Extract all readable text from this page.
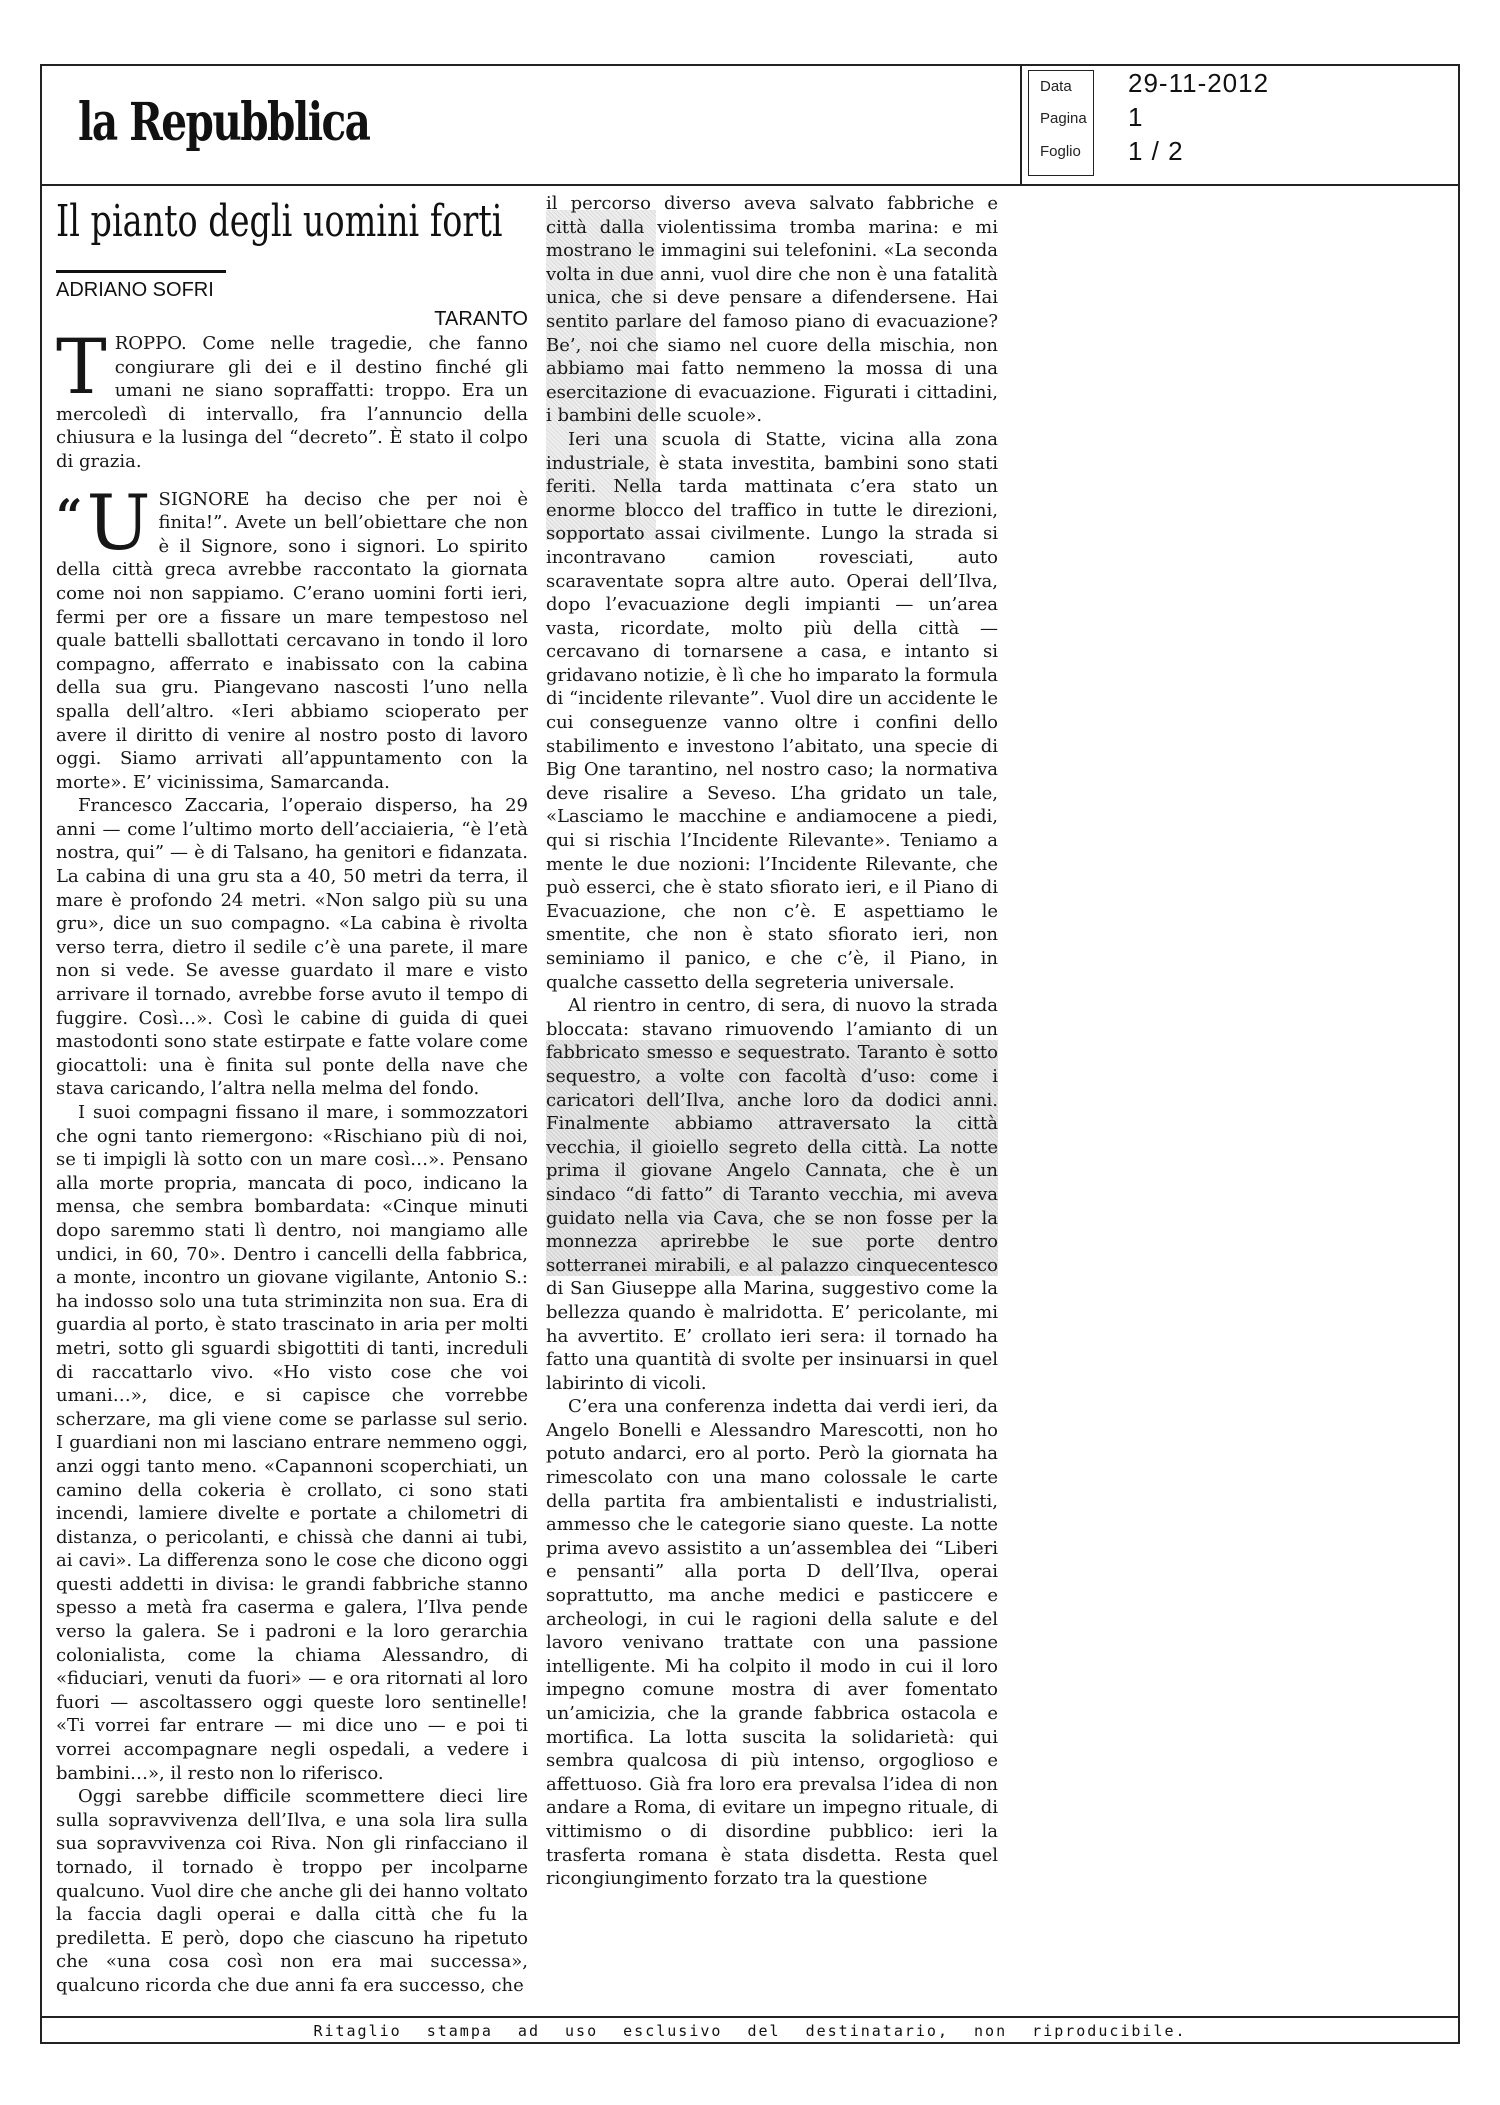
la Repubblica
Data
Pagina
Foglio
29-11-2012
1
1 / 2
Il pianto degli uomini forti
ADRIANO SOFRI
TARANTO

TROPPO. Come nelle tragedie, che fanno congiurare gli dei e il destino finché gli umani ne siano sopraffatti: troppo. Era un mercoledì di intervallo, fra l’annuncio della chiusura e la lusinga del “decreto”. È stato il colpo di grazia.

“ U SIGNORE ha deciso che per noi è finita!”. Avete un bell’obiettare che non è il Signore, sono i signori. Lo spirito della città greca avrebbe raccontato la giornata come noi non sappiamo. C’erano uomini forti ieri, fermi per ore a fissare un mare tempestoso nel quale battelli sballottati cercavano in tondo il loro compagno, afferrato e inabissato con la cabina della sua gru. Piangevano nascosti l’uno nella spalla dell’altro. «Ieri abbiamo scioperato per avere il diritto di venire al nostro posto di lavoro oggi. Siamo arrivati all’appuntamento con la morte». E’ vicinissima, Samarcanda.

Francesco Zaccaria, l’operaio disperso, ha 29 anni — come l’ultimo morto dell’acciaieria, “è l’età nostra, qui” — è di Talsano, ha genitori e fidanzata. La cabina di una gru sta a 40, 50 metri da terra, il mare è profondo 24 metri. «Non salgo più su una gru», dice un suo compagno. «La cabina è rivolta verso terra, dietro il sedile c’è una parete, il mare non si vede. Se avesse guardato il mare e visto arrivare il tornado, avrebbe forse avuto il tempo di fuggire. Così…». Così le cabine di guida di quei mastodonti sono state estirpate e fatte volare come giocattoli: una è finita sul ponte della nave che stava caricando, l’altra nella melma del fondo.

I suoi compagni fissano il mare, i sommozzatori che ogni tanto riemergono: «Rischiano più di noi, se ti impigli là sotto con un mare così…». Pensano alla morte propria, mancata di poco, indicano la mensa, che sembra bombardata: «Cinque minuti dopo saremmo stati lì dentro, noi mangiamo alle undici, in 60, 70». Dentro i cancelli della fabbrica, a monte, incontro un giovane vigilante, Antonio S.: ha indosso solo una tuta striminzita non sua. Era di guardia al porto, è stato trascinato in aria per molti metri, sotto gli sguardi sbigottiti di tanti, increduli di raccattarlo vivo. «Ho visto cose che voi umani…», dice, e si capisce che vorrebbe scherzare, ma gli viene come se parlasse sul serio. I guardiani non mi lasciano entrare nemmeno oggi, anzi oggi tanto meno. «Capannoni scoperchiati, un camino della cokeria è crollato, ci sono stati incendi, lamiere divelte e portate a chilometri di distanza, o pericolanti, e chissà che danni ai tubi, ai cavi». La differenza sono le cose che dicono oggi questi addetti in divisa: le grandi fabbriche stanno spesso a metà fra caserma e galera, l’Ilva pende verso la galera. Se i padroni e la loro gerarchia colonialista, come la chiama Alessandro, di «fiduciari, venuti da fuori» — e ora ritornati al loro fuori — ascoltassero oggi queste loro sentinelle! «Ti vorrei far entrare — mi dice uno — e poi ti vorrei accompagnare negli ospedali, a vedere i bambini…», il resto non lo riferisco.

Oggi sarebbe difficile scommettere dieci lire sulla sopravvivenza dell’Ilva, e una sola lira sulla sua sopravvivenza coi Riva. Non gli rinfacciano il tornado, il tornado è troppo per incolparne qualcuno. Vuol dire che anche gli dei hanno voltato la faccia dagli operai e dalla città che fu la prediletta. E però, dopo che ciascuno ha ripetuto che «una cosa così non era mai successa», qualcuno ricorda che due anni fa era successo, che

il percorso diverso aveva salvato fabbriche e città dalla violentissima tromba marina: e mi mostrano le immagini sui telefonini. «La seconda volta in due anni, vuol dire che non è una fatalità unica, che si deve pensare a difendersene. Hai sentito parlare del famoso piano di evacuazione? Be’, noi che siamo nel cuore della mischia, non abbiamo mai fatto nemmeno la mossa di una esercitazione di evacuazione. Figurati i cittadini, i bambini delle scuole».

Ieri una scuola di Statte, vicina alla zona industriale, è stata investita, bambini sono stati feriti. Nella tarda mattinata c’era stato un enorme blocco del traffico in tutte le direzioni, sopportato assai civilmente. Lungo la strada si incontravano camion rovesciati, auto scaraventate sopra altre auto. Operai dell’Ilva, dopo l’evacuazione degli impianti — un’area vasta, ricordate, molto più della città — cercavano di tornarsene a casa, e intanto si gridavano notizie, è lì che ho imparato la formula di “incidente rilevante”. Vuol dire un accidente le cui conseguenze vanno oltre i confini dello stabilimento e investono l’abitato, una specie di Big One tarantino, nel nostro caso; la normativa deve risalire a Seveso. L’ha gridato un tale, «Lasciamo le macchine e andiamocene a piedi, qui si rischia l’Incidente Rilevante». Teniamo a mente le due nozioni: l’Incidente Rilevante, che può esserci, che è stato sfiorato ieri, e il Piano di Evacuazione, che non c’è. E aspettiamo le smentite, che non è stato sfiorato ieri, non seminiamo il panico, e che c’è, il Piano, in qualche cassetto della segreteria universale.

Al rientro in centro, di sera, di nuovo la strada bloccata: stavano rimuovendo l’amianto di un fabbricato smesso e sequestrato. Taranto è sotto sequestro, a volte con facoltà d’uso: come i caricatori dell’Ilva, anche loro da dodici anni. Finalmente abbiamo attraversato la città vecchia, il gioiello segreto della città. La notte prima il giovane Angelo Cannata, che è un sindaco “di fatto” di Taranto vecchia, mi aveva guidato nella via Cava, che se non fosse per la monnezza aprirebbe le sue porte dentro sotterranei mirabili, e al palazzo cinquecentesco di San Giuseppe alla Marina, suggestivo come la bellezza quando è malridotta. E’ pericolante, mi ha avvertito. E’ crollato ieri sera: il tornado ha fatto una quantità di svolte per insinuarsi in quel labirinto di vicoli.

C’era una conferenza indetta dai verdi ieri, da Angelo Bonelli e Alessandro Marescotti, non ho potuto andarci, ero al porto. Però la giornata ha rimescolato con una mano colossale le carte della partita fra ambientalisti e industrialisti, ammesso che le categorie siano queste. La notte prima avevo assistito a un’assemblea dei “Liberi e pensanti” alla porta D dell’Ilva, operai soprattutto, ma anche medici e pasticcere e archeologi, in cui le ragioni della salute e del lavoro venivano trattate con una passione intelligente. Mi ha colpito il modo in cui il loro impegno comune mostra di aver fomentato un’amicizia, che la grande fabbrica ostacola e mortifica. La lotta suscita la solidarietà: qui sembra qualcosa di più intenso, orgoglioso e affettuoso. Già fra loro era prevalsa l’idea di non andare a Roma, di evitare un impegno rituale, di vittimismo o di disordine pubblico: ieri la trasferta romana è stata disdetta. Resta quel ricongiungimento forzato tra la questione

Ritaglio stampa ad uso esclusivo del destinatario, non riproducibile.
